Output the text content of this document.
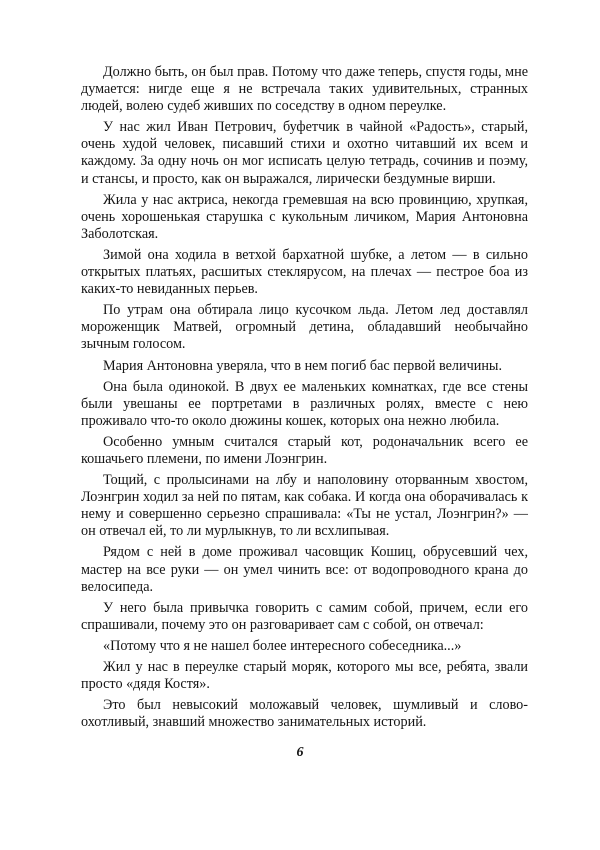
Должно быть, он был прав. Потому что даже теперь, спустя годы, мне думается: нигде еще я не встречала таких удивительных, странных людей, волею судеб живших по соседству в одном переулке.

У нас жил Иван Петрович, буфетчик в чайной «Радость», старый, очень худой человек, писавший стихи и охотно читавший их всем и каждому. За одну ночь он мог исписать целую тетрадь, сочинив и поэму, и стансы, и просто, как он выражался, лирически бездумные вирши.

Жила у нас актриса, некогда гремевшая на всю провинцию, хрупкая, очень хорошенькая старушка с кукольным личиком, Мария Антоновна Заболотская.

Зимой она ходила в ветхой бархатной шубке, а летом — в сильно открытых платьях, расшитых стеклярусом, на плечах — пестрое боа из каких-то невиданных перьев.

По утрам она обтирала лицо кусочком льда. Летом лед доставлял мороженщик Матвей, огромный детина, обладавший необычайно зычным голосом.

Мария Антоновна уверяла, что в нем погиб бас первой величины.

Она была одинокой. В двух ее маленьких комнатках, где все стены были увешаны ее портретами в различных ролях, вместе с нею проживало что-то около дюжины кошек, которых она нежно любила.

Особенно умным считался старый кот, родоначальник всего ее кошачьего племени, по имени Лоэнгрин.

Тощий, с пролысинами на лбу и наполовину оторванным хвостом, Лоэнгрин ходил за ней по пятам, как собака. И когда она оборачивалась к нему и совершенно серьезно спрашивала: «Ты не устал, Лоэнгрин?» — он отвечал ей, то ли мурлыкнув, то ли всхлипывая.

Рядом с ней в доме проживал часовщик Кошиц, обрусевший чех, мастер на все руки — он умел чинить все: от водопроводного крана до велосипеда.

У него была привычка говорить с самим собой, причем, если его спрашивали, почему это он разговаривает сам с собой, он отвечал:

«Потому что я не нашел более интересного собеседника...»

Жил у нас в переулке старый моряк, которого мы все, ребята, звали просто «дядя Костя».

Это был невысокий моложавый человек, шумливый и словоохотливый, знавший множество занимательных историй.

6
